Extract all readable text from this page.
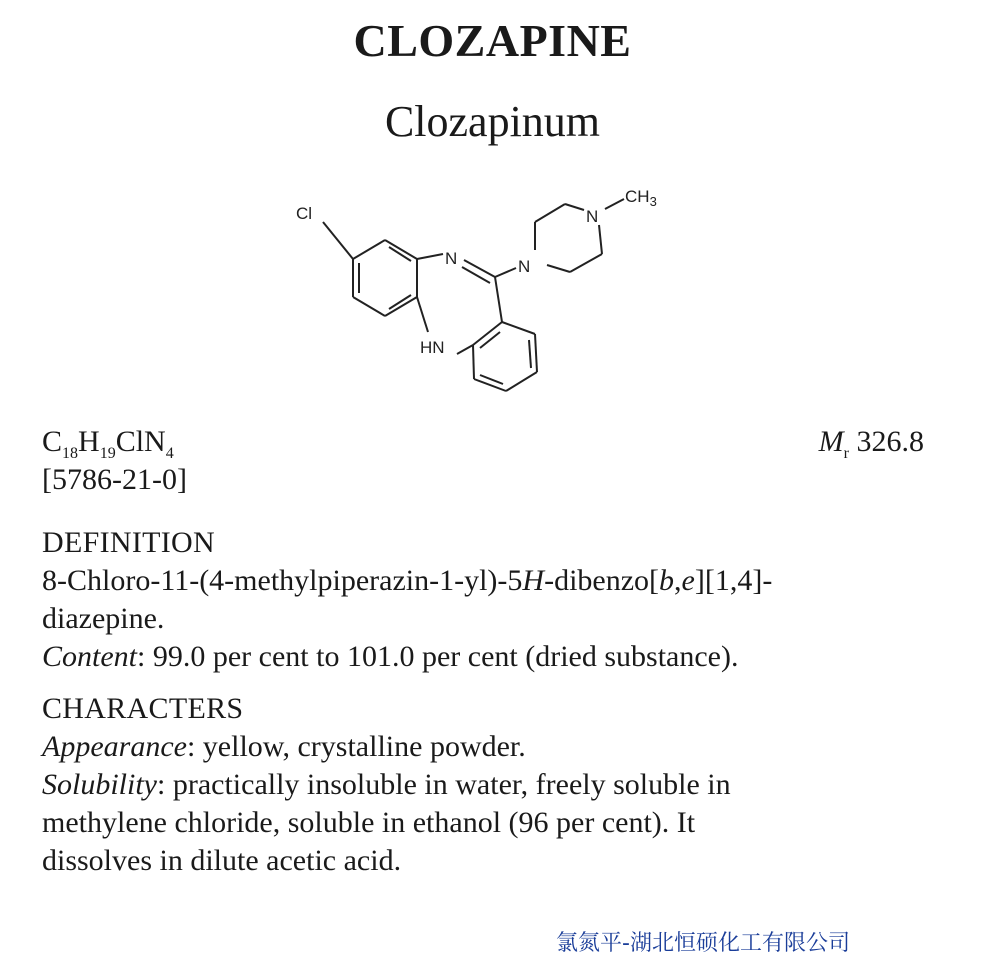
CLOZAPINE
Clozapinum
Cl
N	N
N
$CH_3$
HN
$C_{18}H_{19}ClN_4$	$M_r$ 326.8
[5786-21-0]
DEFINITION
8-Chloro-11-(4-methylpiperazin-1-yl)-5H-dibenzo[b,e][1,4]-
diazepine.
Content: 99.0 per cent to 101.0 per cent (dried substance).
CHARACTERS
Appearance: yellow, crystalline powder.
Solubility: practically insoluble in water, freely soluble in
methylene chloride, soluble in ethanol (96 per cent). It
dissolves in dilute acetic acid.
氯氮平-湖北恒硕化工有限公司
